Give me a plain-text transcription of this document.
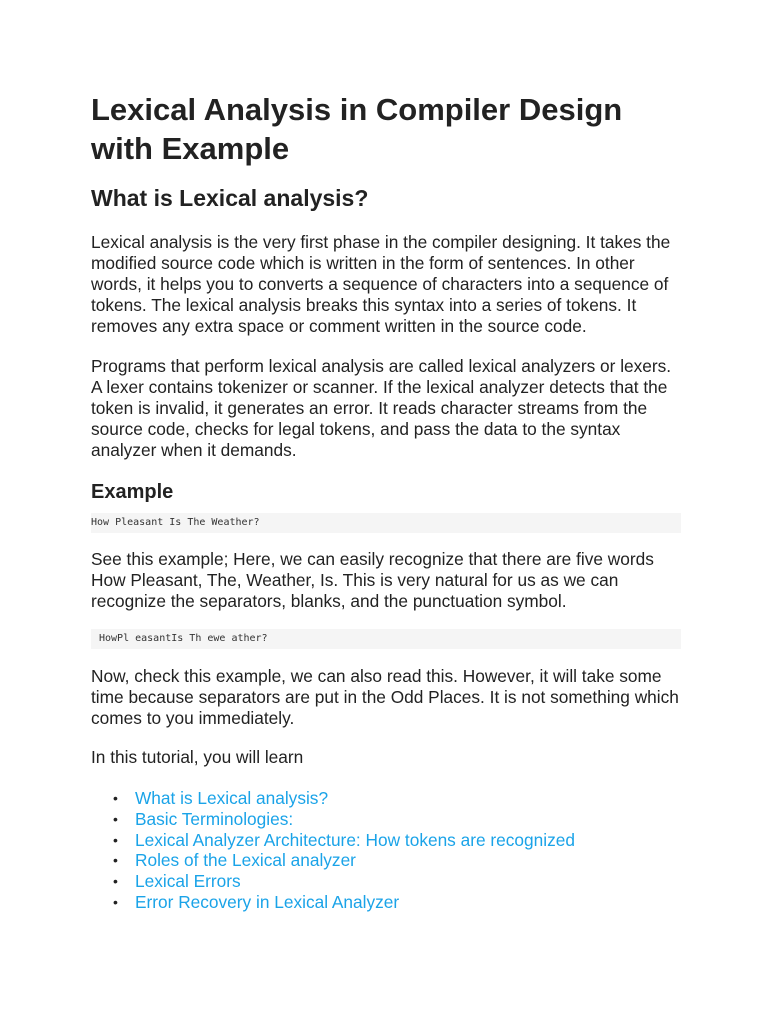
Lexical Analysis in Compiler Design with Example
What is Lexical analysis?

Lexical analysis is the very first phase in the compiler designing. It takes the modified source code which is written in the form of sentences. In other words, it helps you to converts a sequence of characters into a sequence of tokens. The lexical analysis breaks this syntax into a series of tokens. It removes any extra space or comment written in the source code.

Programs that perform lexical analysis are called lexical analyzers or lexers. A lexer contains tokenizer or scanner. If the lexical analyzer detects that the token is invalid, it generates an error. It reads character streams from the source code, checks for legal tokens, and pass the data to the syntax analyzer when it demands.

Example
How Pleasant Is The Weather?

See this example; Here, we can easily recognize that there are five words How Pleasant, The, Weather, Is. This is very natural for us as we can recognize the separators, blanks, and the punctuation symbol.

HowPl easantIs Th ewe ather?

Now, check this example, we can also read this. However, it will take some time because separators are put in the Odd Places. It is not something which comes to you immediately.

In this tutorial, you will learn

• What is Lexical analysis?
• Basic Terminologies:
• Lexical Analyzer Architecture: How tokens are recognized
• Roles of the Lexical analyzer
• Lexical Errors
• Error Recovery in Lexical Analyzer
